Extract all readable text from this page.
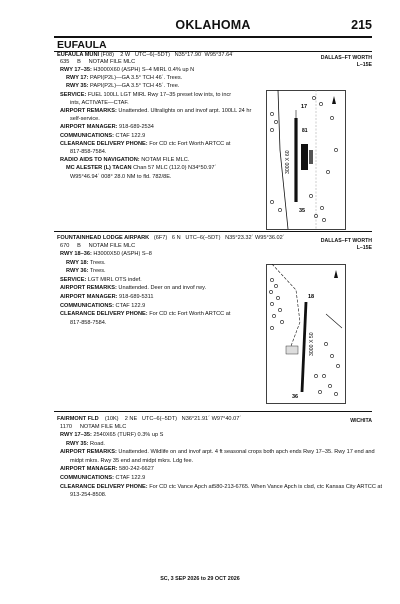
OKLAHOMA	215
EUFAULA
EUFAULA MUNI (F08) 2 W UTC–6(–5DT) N35°17.90´ W95°37.64´
635 B NOTAM FILE MLC
DALLAS–FT WORTH
L–15E
RWY 17–35: H3000X60 (ASPH) S–4 MIRL 0.4% up N
RWY 17: PAPI(P2L)—GA 3.5° TCH 46´. Trees.
RWY 35: PAPI(P2L)—GA 3.5° TCH 45´. Tree.
SERVICE: FUEL 100LL LGT MIRL Rwy 17–35 preset low ints, to incr
ints, ACTIVATE—CTAF.
AIRPORT REMARKS: Unattended. Ultralights on and invof arpt. 100LL 24 hr
self-service.
AIRPORT MANAGER: 918-689-2534
COMMUNICATIONS: CTAF 122.9
CLEARANCE DELIVERY PHONE: For CD ctc Fort Worth ARTCC at
817-858-7584.
RADIO AIDS TO NAVIGATION: NOTAM FILE MLC.
MC ALESTER (L) TACAN Chan 57 MLC (112.0) N34°50.97´
W95°46.94´ 008° 28.0 NM to fld. 782/8E.
3000 X 60
17
35
81
FOUNTAINHEAD LODGE AIRPARK (6F7) 6 N UTC–6(–5DT) N35°23.32´ W95°36.02´
670 B NOTAM FILE MLC
DALLAS–FT WORTH
L–15E
RWY 18–36: H3000X50 (ASPH) S–8
RWY 18: Trees.
RWY 36: Trees.
SERVICE: LGT MIRL OTS indef.
AIRPORT REMARKS: Unattended. Deer on and invof rwy.
AIRPORT MANAGER: 918-689-5311
COMMUNICATIONS: CTAF 122.9
CLEARANCE DELIVERY PHONE: For CD ctc Fort Worth ARTCC at
817-858-7584.
3000 X 50
18
36
FAIRMONT FLD (10K) 2 NE UTC–6(–5DT) N36°21.91´ W97°40.07´
1170 NOTAM FILE MLC
WICHITA
RWY 17–35: 2540X65 (TURF) 0.3% up S
RWY 35: Road.
AIRPORT REMARKS: Unattended. Wildlife on and invof arpt. 4 ft seasonal crops both apch ends Rwy 17–35. Rwy 17 end and
midpt mkrs. Rwy 35 end and midpt mkrs. Ldg fee.
AIRPORT MANAGER: 580-242-6627
COMMUNICATIONS: CTAF 122.9
CLEARANCE DELIVERY PHONE: For CD ctc Vance Apch at580-213-6765. When Vance Apch is clsd, ctc Kansas City ARTCC at
913-254-8508.
SC, 3 SEP 2026 to 29 OCT 2026
